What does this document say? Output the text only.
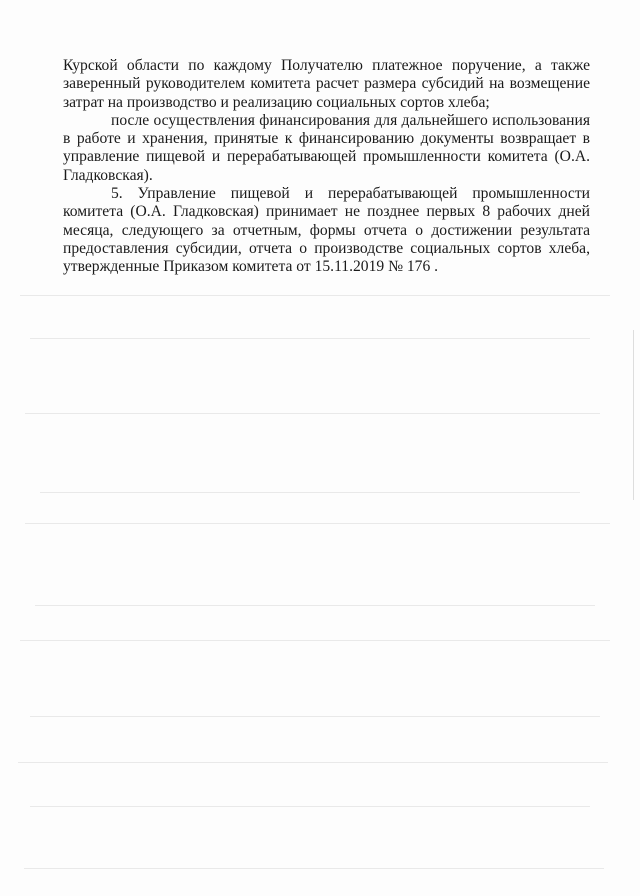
Курской области по каждому Получателю платежное поручение, а также заверенный руководителем комитета расчет размера субсидий на возмещение затрат на производство и реализацию социальных сортов хлеба;

после осуществления финансирования для дальнейшего использования в работе и хранения, принятые к финансированию документы возвращает в управление пищевой и перерабатывающей промышленности комитета (О.А. Гладковская).

5. Управление пищевой и перерабатывающей промышленности комитета (О.А. Гладковская) принимает не позднее первых 8 рабочих дней месяца, следующего за отчетным, формы отчета о достижении результата предоставления субсидии, отчета о производстве социальных сортов хлеба, утвержденные Приказом комитета от 15.11.2019 № 176 .
